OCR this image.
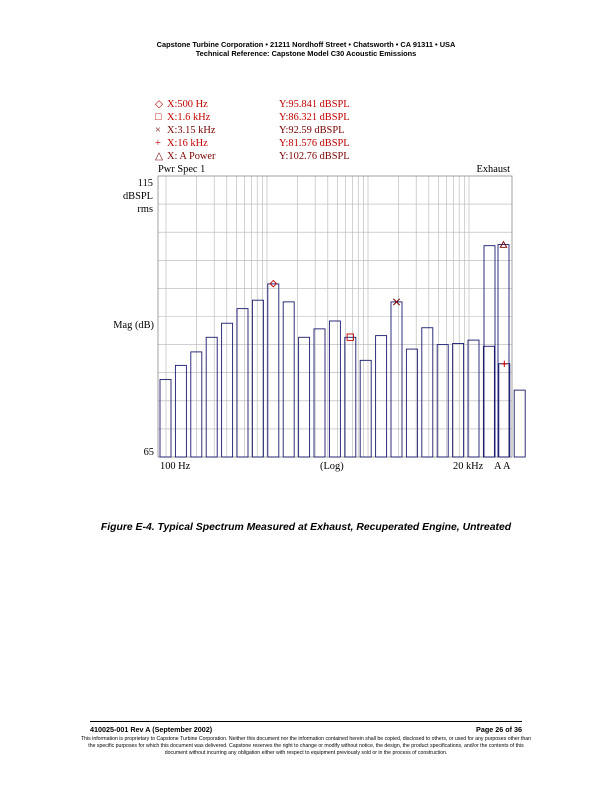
Capstone Turbine Corporation • 21211 Nordhoff Street • Chatsworth • CA 91311 • USA
Technical Reference: Capstone Model C30 Acoustic Emissions
◇ X:500 Hz	Y:95.841 dBSPL
□ X:1.6 kHz	Y:86.321 dBSPL
× X:3.15 kHz	Y:92.59 dBSPL
+ X:16 kHz	Y:81.576 dBSPL
△ X: A Power	Y:102.76 dBSPL
Pwr Spec 1	Exhaust
115
dBSPL
rms
Mag (dB)
65
100 Hz	(Log)	20 kHz A A
Figure E-4. Typical Spectrum Measured at Exhaust, Recuperated Engine, Untreated
410025-001 Rev A (September 2002)	Page 26 of 36
This information is proprietary to Capstone Turbine Corporation. Neither this document nor the information contained herein shall be copied, disclosed to others, or used for any purposes other than the specific purposes for which this document was delivered. Capstone reserves the right to change or modify without notice, the design, the product specifications, and/or the contents of this document without incurring any obligation either with respect to equipment previously sold or in the process of construction.
